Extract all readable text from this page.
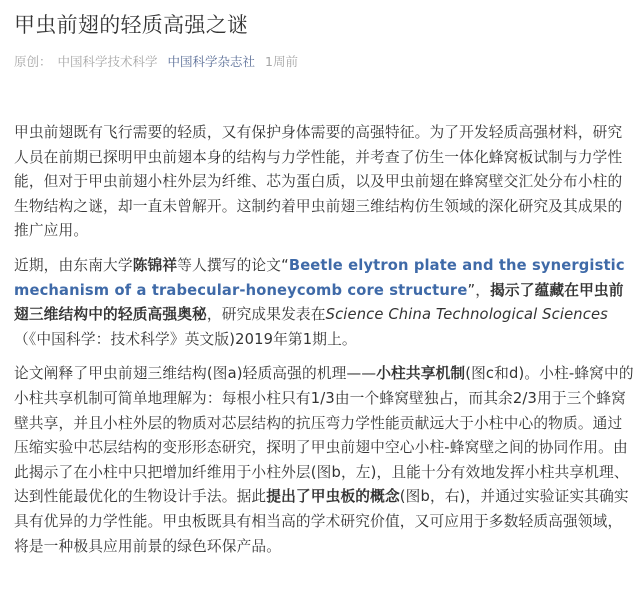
甲虫前翅的轻质高强之谜
原创： 中国科学技术科学 中国科学杂志社 1周前

甲虫前翅既有飞行需要的轻质，又有保护身体需要的高强特征。为了开发轻质高强材料，研究人员在前期已探明甲虫前翅本身的结构与力学性能，并考查了仿生一体化蜂窝板试制与力学性能，但对于甲虫前翅小柱外层为纤维、芯为蛋白质，以及甲虫前翅在蜂窝壁交汇处分布小柱的生物结构之谜，却一直未曾解开。这制约着甲虫前翅三维结构仿生领域的深化研究及其成果的推广应用。

近期，由东南大学陈锦祥等人撰写的论文“Beetle elytron plate and the synergistic mechanism of a trabecular-honeycomb core structure”，揭示了蕴藏在甲虫前翅三维结构中的轻质高强奥秘，研究成果发表在Science China Technological Sciences（《中国科学：技术科学》英文版)2019年第1期上。

论文阐释了甲虫前翅三维结构(图a)轻质高强的机理——小柱共享机制(图c和d)。小柱-蜂窝中的小柱共享机制可简单地理解为：每根小柱只有1/3由一个蜂窝壁独占，而其余2/3用于三个蜂窝壁共享，并且小柱外层的物质对芯层结构的抗压弯力学性能贡献远大于小柱中心的物质。通过压缩实验中芯层结构的变形形态研究，探明了甲虫前翅中空心小柱-蜂窝壁之间的协同作用。由此揭示了在小柱中只把增加纤维用于小柱外层(图b，左)，且能十分有效地发挥小柱共享机理、达到性能最优化的生物设计手法。据此提出了甲虫板的概念(图b，右)，并通过实验证实其确实具有优异的力学性能。甲虫板既具有相当高的学术研究价值，又可应用于多数轻质高强领域，将是一种极具应用前景的绿色环保产品。
